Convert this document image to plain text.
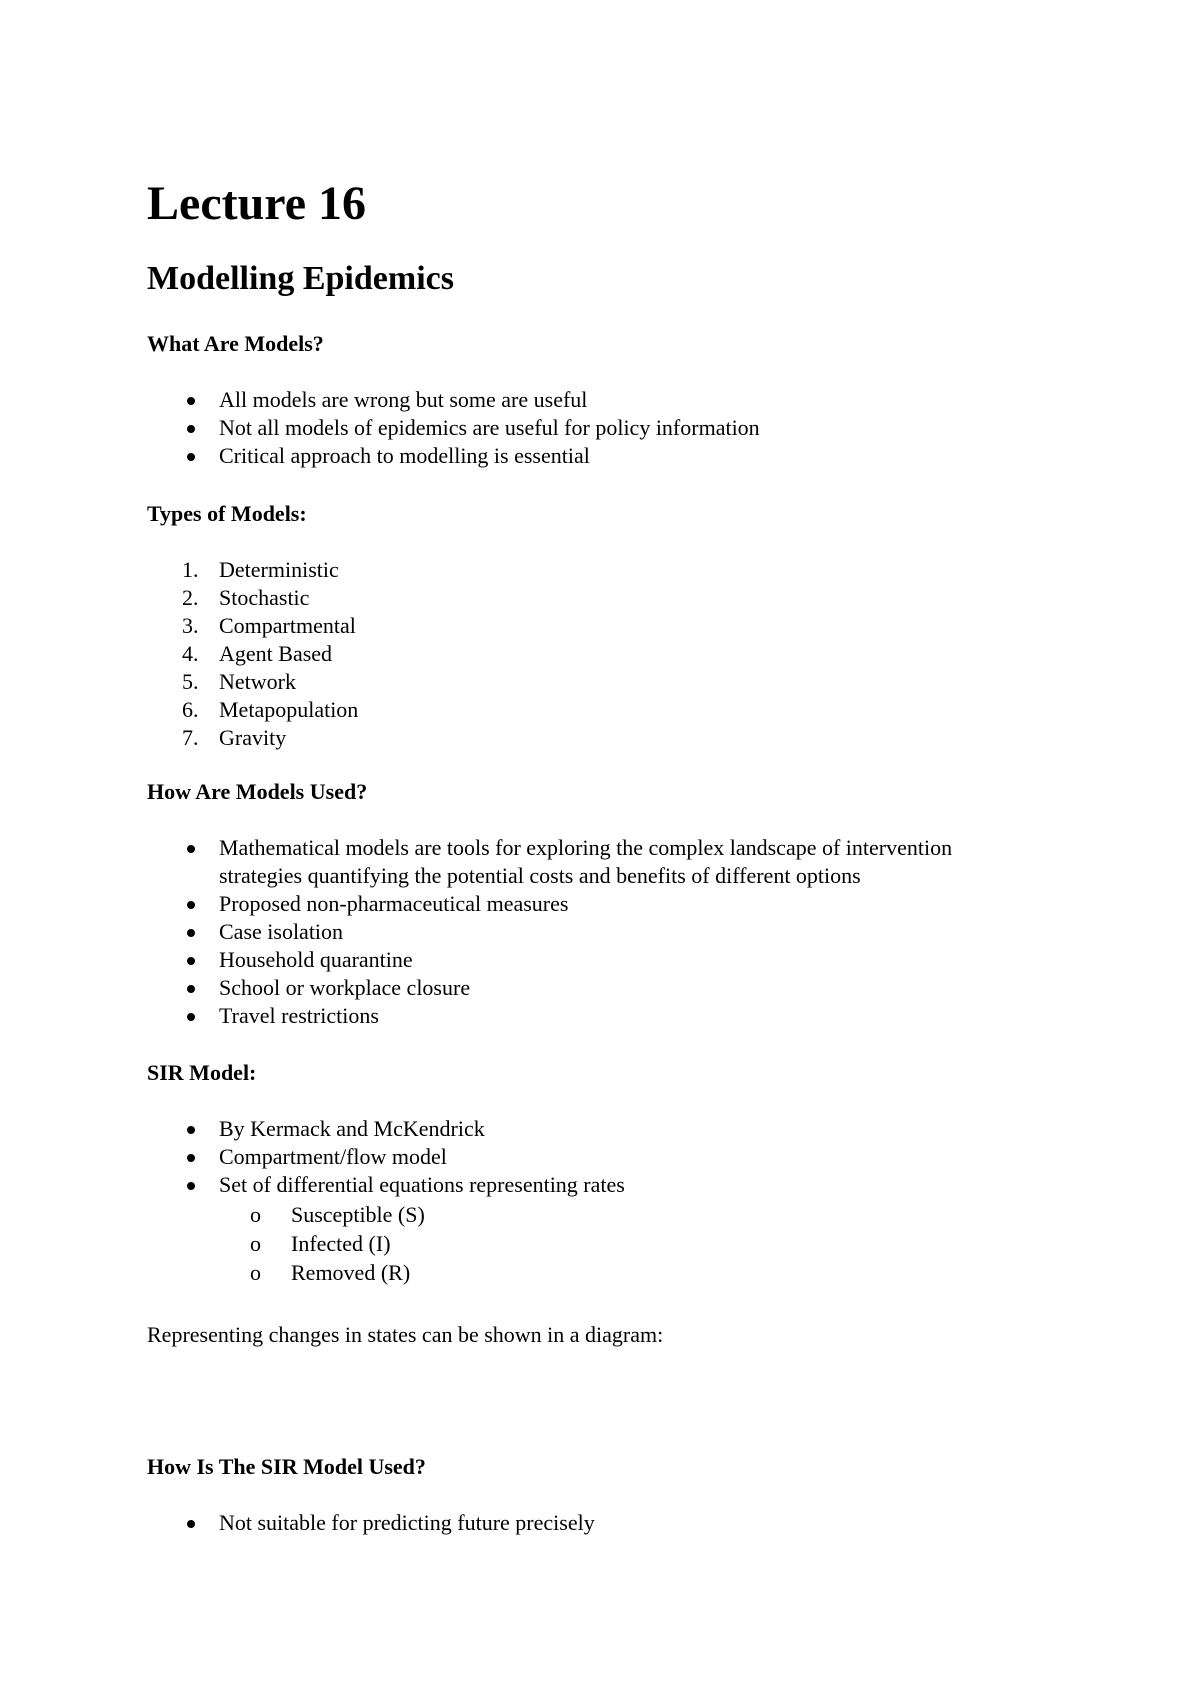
Lecture 16
Modelling Epidemics
What Are Models?
All models are wrong but some are useful
Not all models of epidemics are useful for policy information
Critical approach to modelling is essential
Types of Models:
1. Deterministic
2. Stochastic
3. Compartmental
4. Agent Based
5. Network
6. Metapopulation
7. Gravity
How Are Models Used?
Mathematical models are tools for exploring the complex landscape of intervention strategies quantifying the potential costs and benefits of different options
Proposed non-pharmaceutical measures
Case isolation
Household quarantine
School or workplace closure
Travel restrictions
SIR Model:
By Kermack and McKendrick
Compartment/flow model
Set of differential equations representing rates
o Susceptible (S)
o Infected (I)
o Removed (R)

Representing changes in states can be shown in a diagram:

How Is The SIR Model Used?
Not suitable for predicting future precisely
